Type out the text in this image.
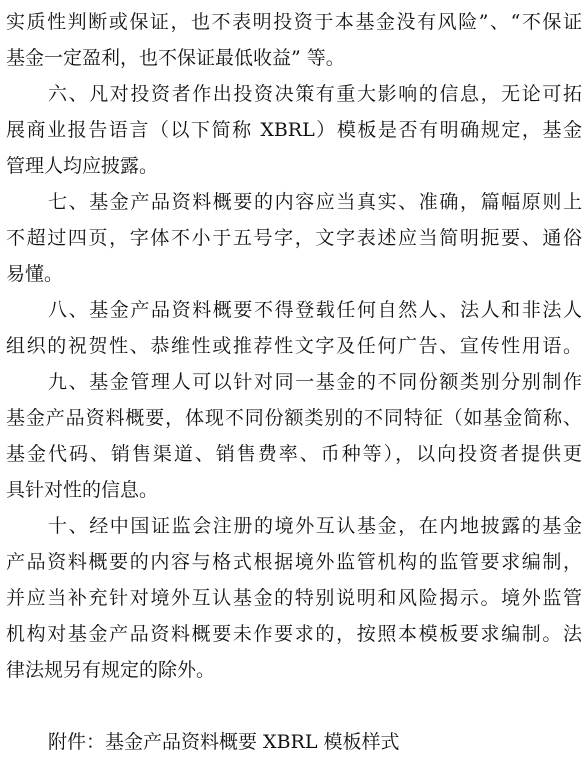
实质性判断或保证，也不表明投资于本基金没有风险”、“不保证
基金一定盈利，也不保证最低收益” 等。
六、凡对投资者作出投资决策有重大影响的信息，无论可拓
展商业报告语言（以下简称 XBRL）模板是否有明确规定，基金
管理人均应披露。
七、基金产品资料概要的内容应当真实、准确，篇幅原则上
不超过四页，字体不小于五号字，文字表述应当简明扼要、通俗
易懂。
八、基金产品资料概要不得登载任何自然人、法人和非法人
组织的祝贺性、恭维性或推荐性文字及任何广告、宣传性用语。
九、基金管理人可以针对同一基金的不同份额类别分别制作
基金产品资料概要，体现不同份额类别的不同特征（如基金简称、
基金代码、销售渠道、销售费率、币种等），以向投资者提供更
具针对性的信息。
十、经中国证监会注册的境外互认基金，在内地披露的基金
产品资料概要的内容与格式根据境外监管机构的监管要求编制，
并应当补充针对境外互认基金的特别说明和风险揭示。境外监管
机构对基金产品资料概要未作要求的，按照本模板要求编制。法
律法规另有规定的除外。
附件：基金产品资料概要 XBRL 模板样式
